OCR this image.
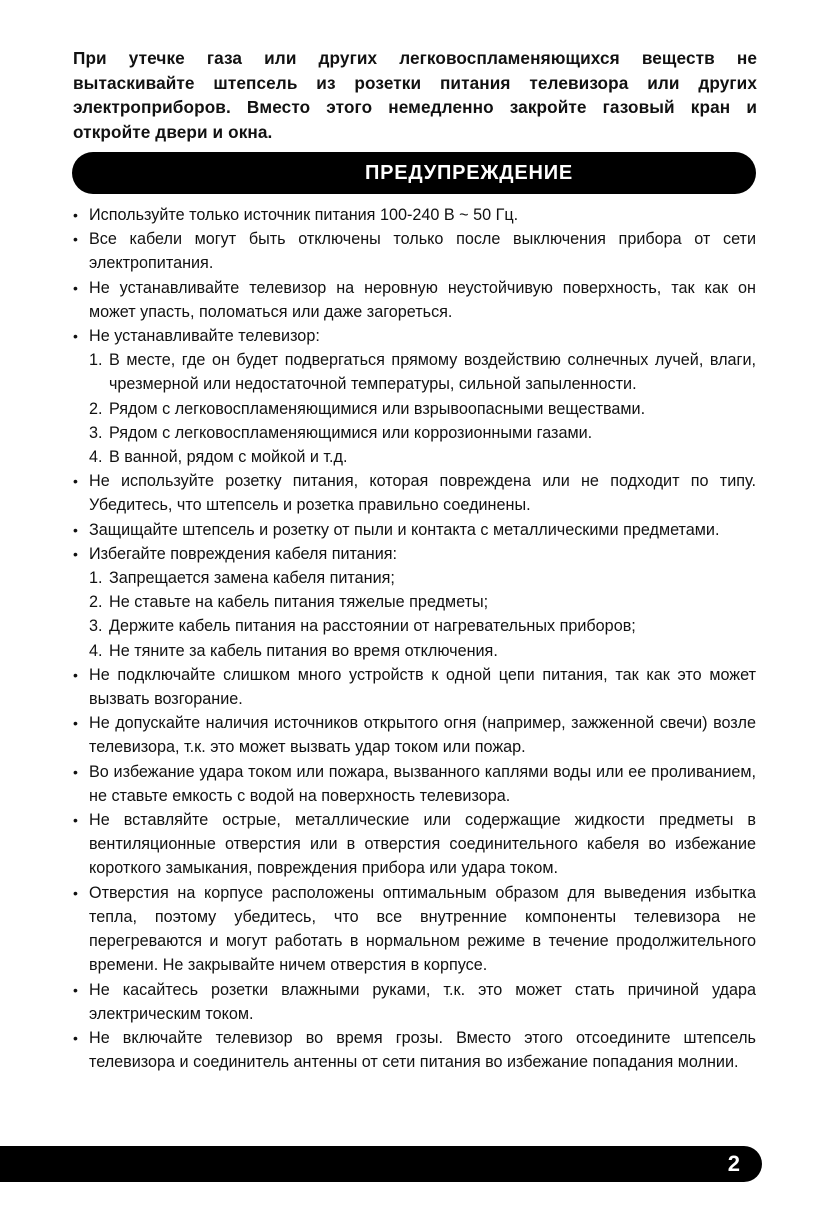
При утечке газа или других легковоспламеняющихся веществ не вытаскивайте штепсель из розетки питания телевизора или других электроприборов. Вместо этого немедленно закройте газовый кран и откройте двери и окна.
ПРЕДУПРЕЖДЕНИЕ
• Используйте только источник питания 100-240 В ~ 50 Гц.
• Все кабели могут быть отключены только после выключения прибора от сети электропитания.
• Не устанавливайте телевизор на неровную неустойчивую поверхность, так как он может упасть, поломаться или даже загореться.
• Не устанавливайте телевизор:
1. В месте, где он будет подвергаться прямому воздействию солнечных лучей, влаги, чрезмерной или недостаточной температуры, сильной запыленности.
2. Рядом с легковоспламеняющимися или взрывоопасными веществами.
3. Рядом с легковоспламеняющимися или коррозионными газами.
4. В ванной, рядом с мойкой и т.д.
• Не используйте розетку питания, которая повреждена или не подходит по типу. Убедитесь, что штепсель и розетка правильно соединены.
• Защищайте штепсель и розетку от пыли и контакта с металлическими предметами.
• Избегайте повреждения кабеля питания:
1. Запрещается замена кабеля питания;
2. Не ставьте на кабель питания тяжелые предметы;
3. Держите кабель питания на расстоянии от нагревательных приборов;
4. Не тяните за кабель питания во время отключения.
• Не подключайте слишком много устройств к одной цепи питания, так как это может вызвать возгорание.
• Не допускайте наличия источников открытого огня (например, зажженной свечи) возле телевизора, т.к. это может вызвать удар током или пожар.
• Во избежание удара током или пожара, вызванного каплями воды или ее проливанием, не ставьте емкость с водой на поверхность телевизора.
• Не вставляйте острые, металлические или содержащие жидкости предметы в вентиляционные отверстия или в отверстия соединительного кабеля во избежание короткого замыкания, повреждения прибора или удара током.
• Отверстия на корпусе расположены оптимальным образом для выведения избытка тепла, поэтому убедитесь, что все внутренние компоненты телевизора не перегреваются и могут работать в нормальном режиме в течение продолжительного времени. Не закрывайте ничем отверстия в корпусе.
• Не касайтесь розетки влажными руками, т.к. это может стать причиной удара электрическим током.
• Не включайте телевизор во время грозы. Вместо этого отсоедините штепсель телевизора и соединитель антенны от сети питания во избежание попадания молнии.
2
